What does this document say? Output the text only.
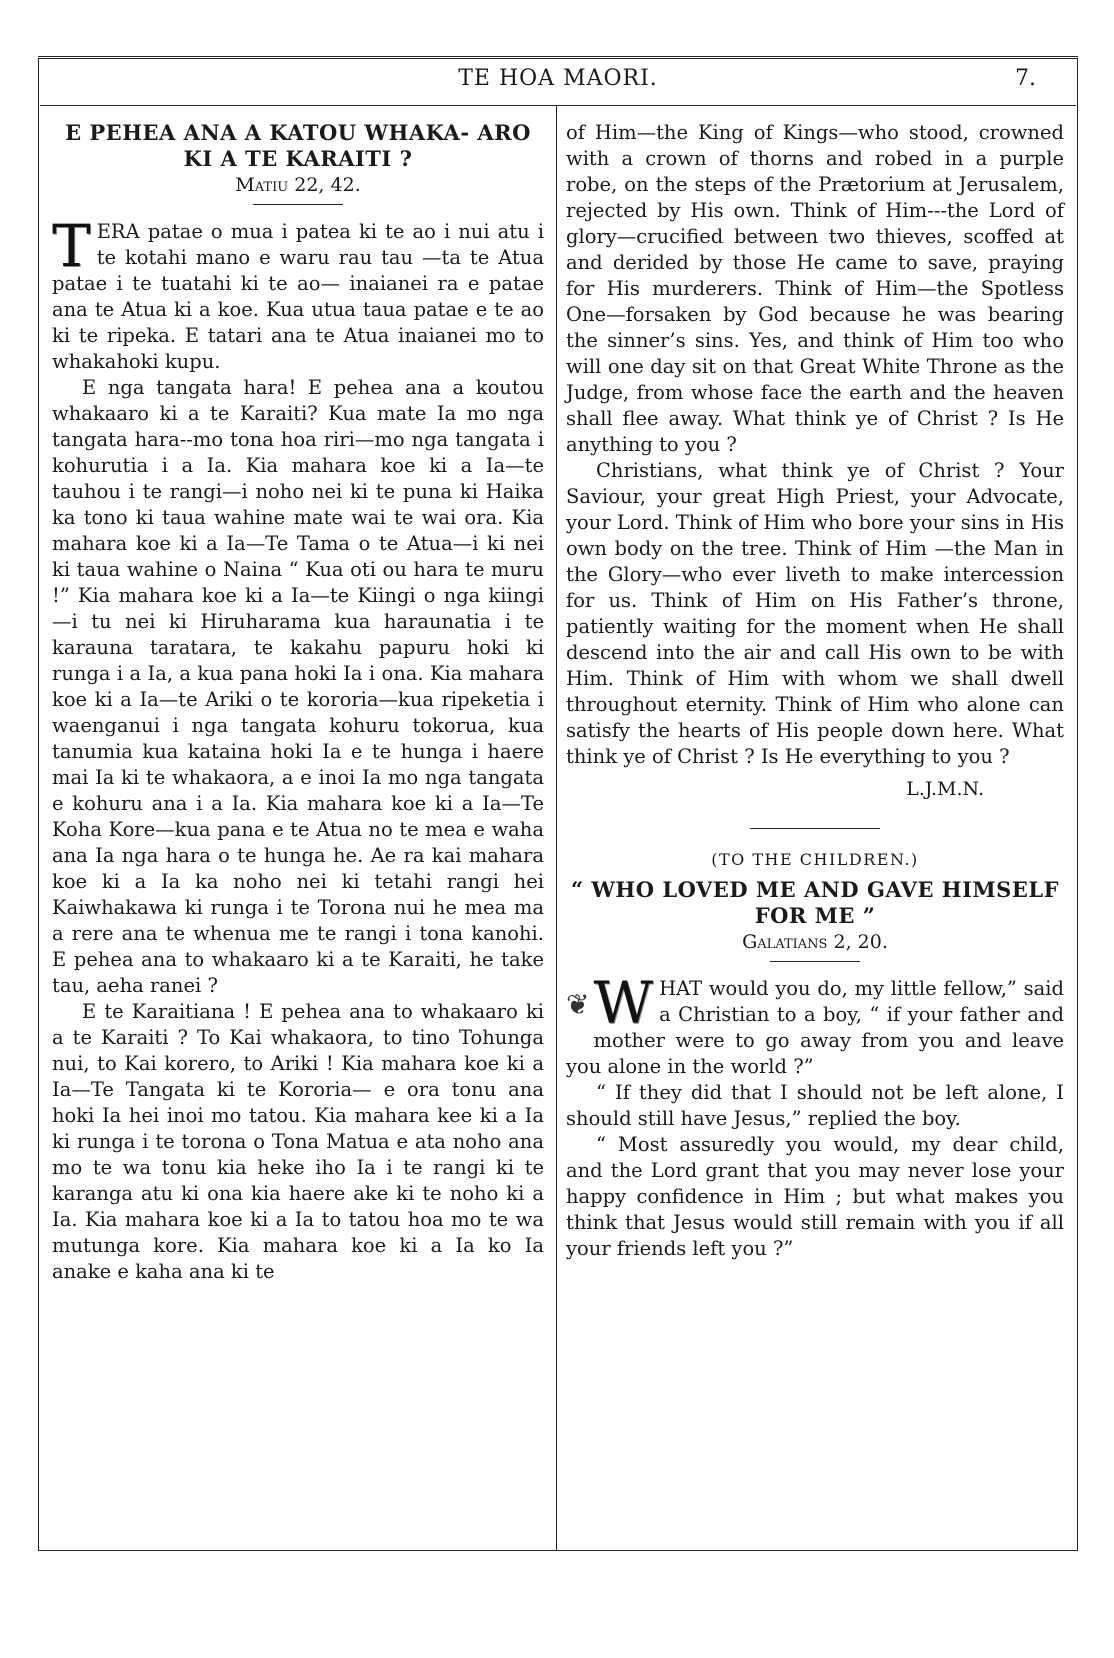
TE HOA MAORI.	7.
E PEHEA ANA A KATOU WHAKA- ARO KI A TE KARAITI ?
Matiu 22, 42.

TERA patae o mua i patea ki te ao i nui atu i te kotahi mano e waru rau tau —ta te Atua patae i te tuatahi ki te ao— inaianei ra e patae ana te Atua ki a koe. Kua utua taua patae e te ao ki te ripeka. E tatari ana te Atua inaianei mo to whakahoki kupu.

E nga tangata hara! E pehea ana a koutou whakaaro ki a te Karaiti? Kua mate Ia mo nga tangata hara--mo tona hoa riri—mo nga tangata i kohurutia i a Ia. Kia mahara koe ki a Ia—te tauhou i te rangi—i noho nei ki te puna ki Haika ka tono ki taua wahine mate wai te wai ora. Kia mahara koe ki a Ia—Te Tama o te Atua—i ki nei ki taua wahine o Naina “ Kua oti ou hara te muru !” Kia mahara koe ki a Ia—te Kiingi o nga kiingi—i tu nei ki Hiruharama kua haraunatia i te karauna taratara, te kakahu papuru hoki ki runga i a Ia, a kua pana hoki Ia i ona. Kia mahara koe ki a Ia—te Ariki o te kororia—kua ripeketia i waenganui i nga tangata kohuru tokorua, kua tanumia kua kataina hoki Ia e te hunga i haere mai Ia ki te whakaora, a e inoi Ia mo nga tangata e kohuru ana i a Ia. Kia mahara koe ki a Ia—Te Koha Kore—kua pana e te Atua no te mea e waha ana Ia nga hara o te hunga he. Ae ra kai mahara koe ki a Ia ka noho nei ki tetahi rangi hei Kaiwhakawa ki runga i te Torona nui he mea ma a rere ana te whenua me te rangi i tona kanohi. E pehea ana to whakaaro ki a te Karaiti, he take tau, aeha ranei ?

E te Karaitiana ! E pehea ana to whakaaro ki a te Karaiti ? To Kai whakaora, to tino Tohunga nui, to Kai korero, to Ariki ! Kia mahara koe ki a Ia—Te Tangata ki te Kororia— e ora tonu ana hoki Ia hei inoi mo tatou. Kia mahara kee ki a Ia ki runga i te torona o Tona Matua e ata noho ana mo te wa tonu kia heke iho Ia i te rangi ki te karanga atu ki ona kia haere ake ki te noho ki a Ia. Kia mahara koe ki a Ia to tatou hoa mo te wa mutunga kore. Kia mahara koe ki a Ia ko Ia anake e kaha ana ki te

of Him—the King of Kings—who stood, crowned with a crown of thorns and robed in a purple robe, on the steps of the Prætorium at Jerusalem, rejected by His own. Think of Him---the Lord of glory—crucified between two thieves, scoffed at and derided by those He came to save, praying for His murderers. Think of Him—the Spotless One—forsaken by God because he was bearing the sinner’s sins. Yes, and think of Him too who will one day sit on that Great White Throne as the Judge, from whose face the earth and the heaven shall flee away. What think ye of Christ ? Is He anything to you ?

Christians, what think ye of Christ ? Your Saviour, your great High Priest, your Advocate, your Lord. Think of Him who bore your sins in His own body on the tree. Think of Him —the Man in the Glory—who ever liveth to make intercession for us. Think of Him on His Father’s throne, patiently waiting for the moment when He shall descend into the air and call His own to be with Him. Think of Him with whom we shall dwell throughout eternity. Think of Him who alone can satisfy the hearts of His people down here. What think ye of Christ ? Is He everything to you ?

L.J.M.N.
(TO THE CHILDREN.)
“ WHO LOVED ME AND GAVE HIMSELF FOR ME ”
Galatians 2, 20.

❦ W HAT would you do, my little fellow,” said a Christian to a boy, “ if your father and mother were to go away from you and leave you alone in the world ?”

“ If they did that I should not be left alone, I should still have Jesus,” replied the boy.

“ Most assuredly you would, my dear child, and the Lord grant that you may never lose your happy confidence in Him ; but what makes you think that Jesus would still remain with you if all your friends left you ?”
